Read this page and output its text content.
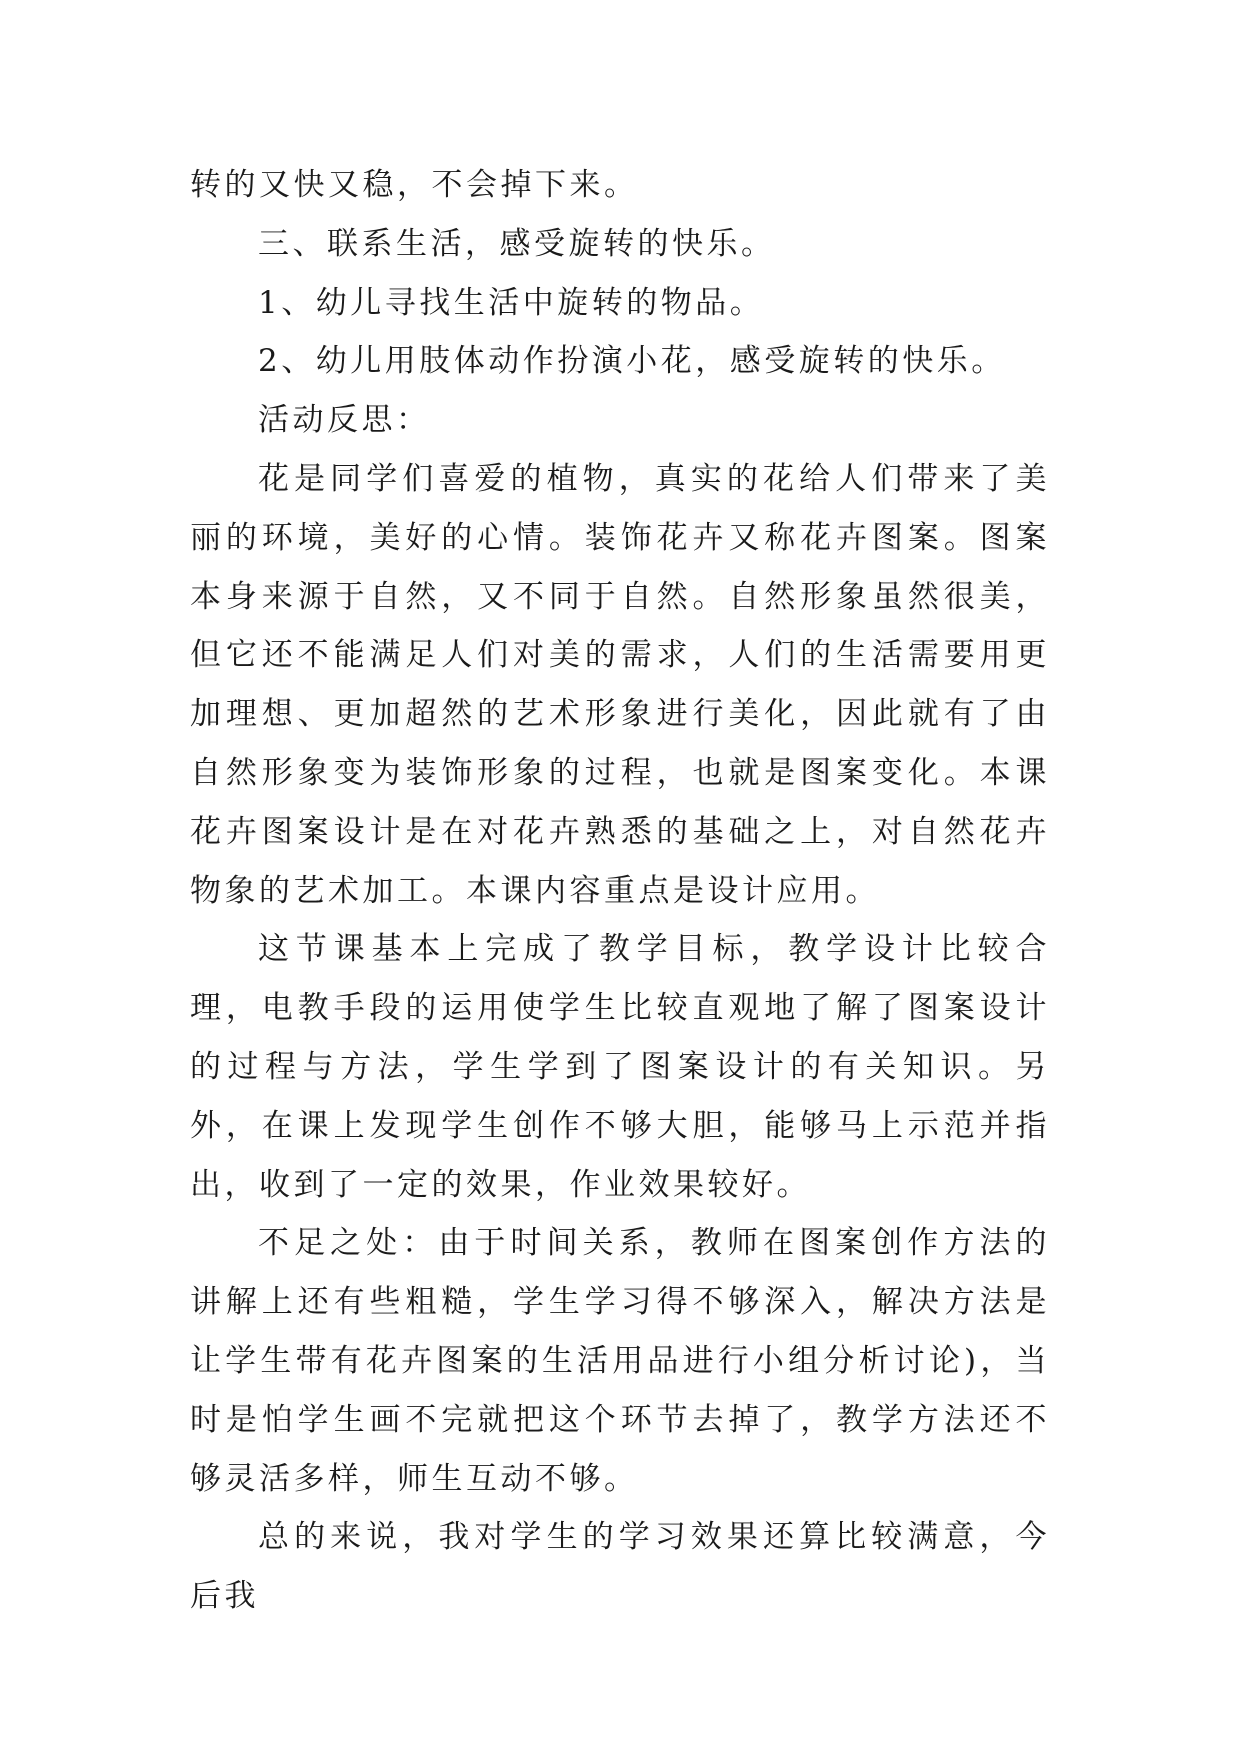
转的又快又稳，不会掉下来。

三、联系生活，感受旋转的快乐。

1、幼儿寻找生活中旋转的物品。

2、幼儿用肢体动作扮演小花，感受旋转的快乐。

活动反思：

花是同学们喜爱的植物，真实的花给人们带来了美丽的环境，美好的心情。装饰花卉又称花卉图案。图案本身来源于自然，又不同于自然。自然形象虽然很美，但它还不能满足人们对美的需求，人们的生活需要用更加理想、更加超然的艺术形象进行美化，因此就有了由自然形象变为装饰形象的过程，也就是图案变化。本课花卉图案设计是在对花卉熟悉的基础之上，对自然花卉物象的艺术加工。本课内容重点是设计应用。

这节课基本上完成了教学目标，教学设计比较合理，电教手段的运用使学生比较直观地了解了图案设计的过程与方法，学生学到了图案设计的有关知识。另外，在课上发现学生创作不够大胆，能够马上示范并指出，收到了一定的效果，作业效果较好。

不足之处：由于时间关系，教师在图案创作方法的讲解上还有些粗糙，学生学习得不够深入，解决方法是让学生带有花卉图案的生活用品进行小组分析讨论)，当时是怕学生画不完就把这个环节去掉了，教学方法还不够灵活多样，师生互动不够。

总的来说，我对学生的学习效果还算比较满意，今后我
